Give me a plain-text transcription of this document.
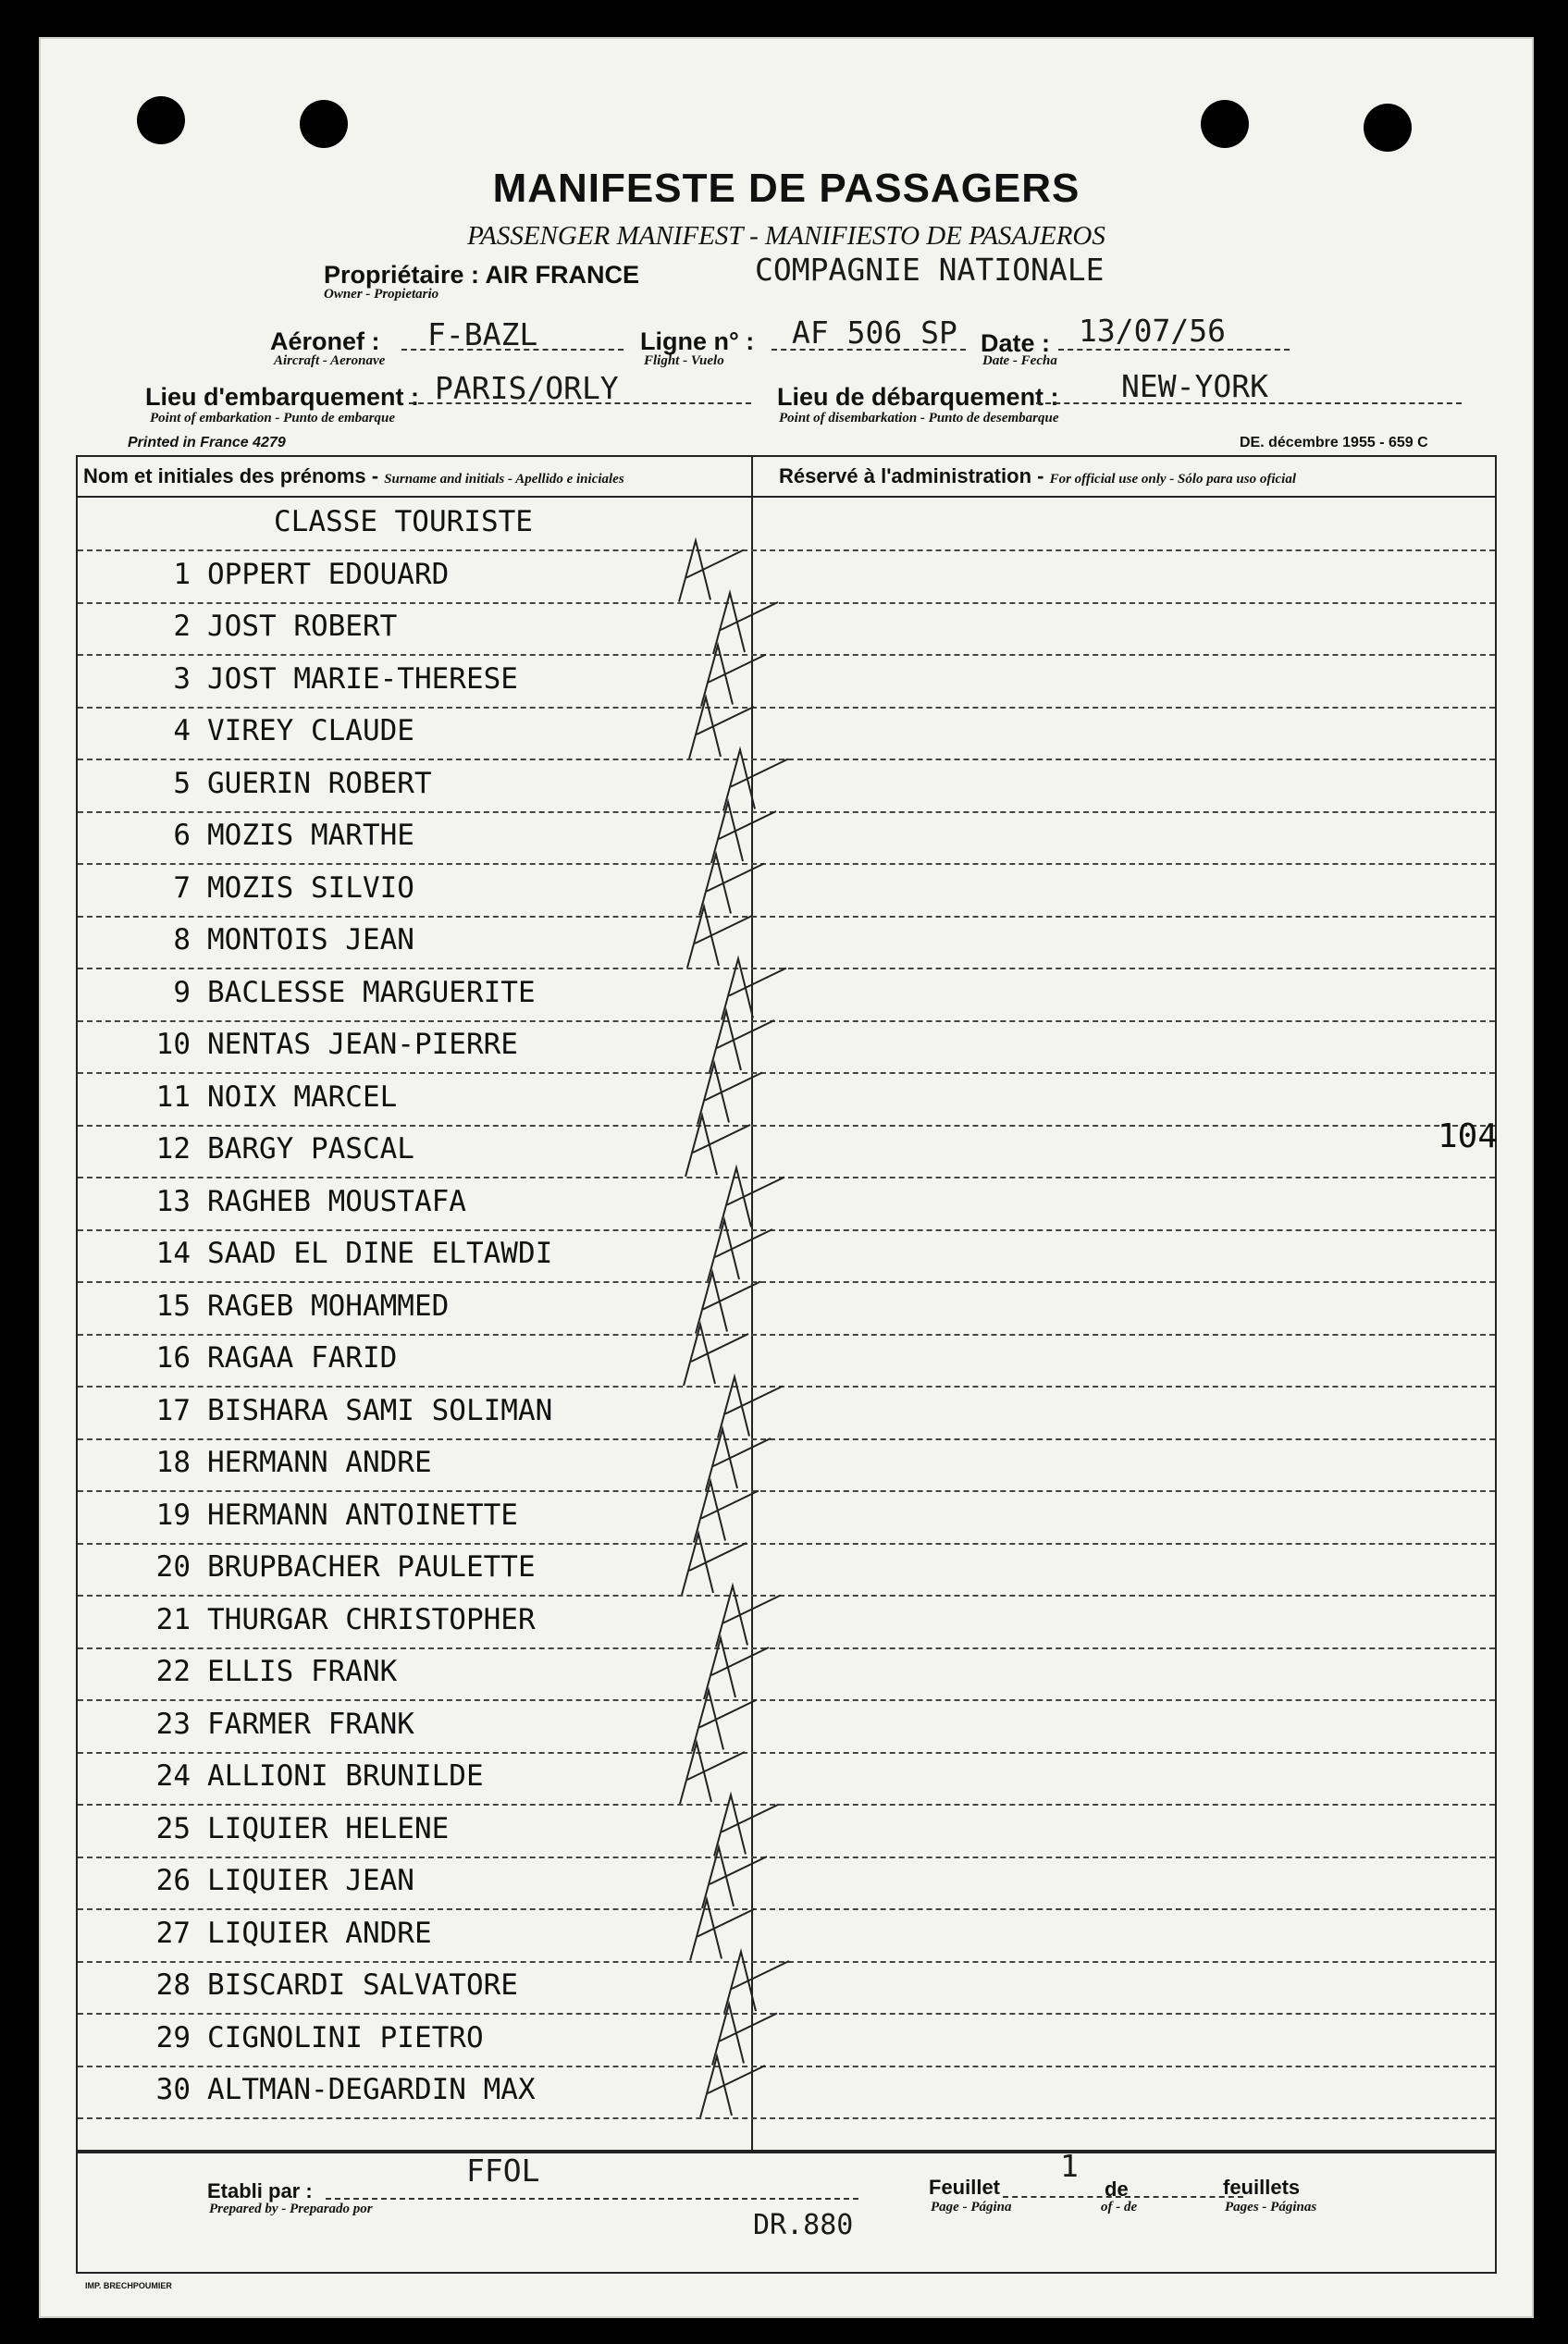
MANIFESTE DE PASSAGERS
PASSENGER MANIFEST - MANIFIESTO DE PASAJEROS
Propriétaire : AIR FRANCE
Owner - Propietario
COMPAGNIE NATIONALE
Aéronef :
Aircraft - Aeronave
F-BAZL	Ligne n° :
Flight - Vuelo
AF 506 SP Date :
Date - Fecha
13/07/56
Lieu d'embarquement :
Point of embarkation - Punto de embarque
PARIS/ORLY	Lieu de débarquement :
Point of disembarkation - Punto de desembarque
NEW-YORK
Printed in France 4279	DE. décembre 1955 - 659 C
Nom et initiales des prénoms - Surname and initials - Apellido e iniciales	Réservé à l'administration - For official use only - Sólo para uso oficial
CLASSE TOURISTE
1 OPPERT EDOUARD
2 JOST ROBERT
3 JOST MARIE-THERESE
4 VIREY CLAUDE
5 GUERIN ROBERT
6 MOZIS MARTHE
7 MOZIS SILVIO
8 MONTOIS JEAN
9 BACLESSE MARGUERITE
10 NENTAS JEAN-PIERRE
11 NOIX MARCEL
12 BARGY PASCAL
13 RAGHEB MOUSTAFA
14 SAAD EL DINE ELTAWDI
15 RAGEB MOHAMMED
16 RAGAA FARID
17 BISHARA SAMI SOLIMAN
18 HERMANN ANDRE
19 HERMANN ANTOINETTE
20 BRUPBACHER PAULETTE
21 THURGAR CHRISTOPHER
22 ELLIS FRANK
23 FARMER FRANK
24 ALLIONI BRUNILDE
25 LIQUIER HELENE
26 LIQUIER JEAN
27 LIQUIER ANDRE
28 BISCARDI SALVATORE
29 CIGNOLINI PIETRO
30 ALTMAN-DEGARDIN MAX
104
Etabli par :
Prepared by - Preparado por
FFOL	Feuillet
Page - Página
1
de
of - de
feuillets
Pages - Páginas
DR.880
IMP. BRECHPOUMIER
